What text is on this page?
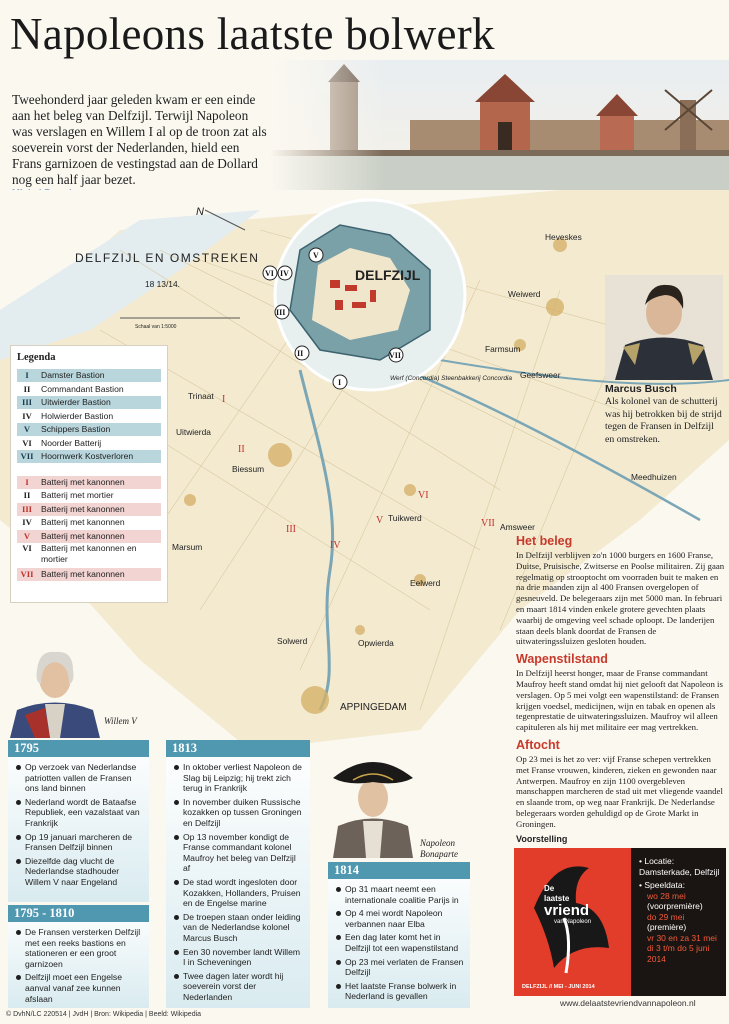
Napoleons laatste bolwerk

Tweehonderd jaar geleden kwam er een einde aan het beleg van Delfzijl. Terwijl Napoleon was verslagen en Willem I al op de troon zat als soeverein vorst der Nederlanden, hield een Frans garnizoen de vestingstad aan de Dollard nog een half jaar bezet.

DELFZIJL EN OMSTREKEN
18 13/14.
Schaal van 1:5000
N
Heveskes
Weiwerd
Farmsum
Geefsweer
Trinaat
Uitwierda
Biessum
Meedhuizen
Tuikwerd
Amsweer
Marsum
Eelwerd
Solwerd	Opwierda
APPINGEDAM
I
II
III
IV
V
VI
VII
DELFZIJL
Werf (Concordia) Steenbakkerij Concordia
VI IV
V
III
II
I
VII
Legenda
I	Damster Bastion
II	Commandant Bastion
III	Uitwierder Bastion
IV	Holwierder Bastion
V	Schippers Bastion
VI	Noorder Batterij
VII Hoornwerk Kostverloren
I	Batterij met kanonnen
II	Batterij met mortier
III	Batterij met kanonnen
IV	Batterij met kanonnen
V	Batterij met kanonnen
VI	Batterij met kanonnen en mortier
VII Batterij met kanonnen
Marcus Busch

Als kolonel van de schutterij was hij betrokken bij de strijd tegen de Fransen in Delfzijl en omstreken.

Het beleg

In Delfzijl verblijven zo'n 1000 burgers en 1600 Franse, Duitse, Pruisische, Zwitserse en Poolse militairen. Zij gaan regelmatig op strooptocht om voorraden buit te maken en na drie maanden zijn al 400 Fransen overgelopen of gesneuveld. De belegeraars zijn met 5000 man. In februari en maart 1814 vinden enkele grotere gevechten plaats waarbij de omgeving veel schade oploopt. De landerijen staan deels blank doordat de Fransen de uitwateringssluizen gesloten houden.

Wapenstilstand

In Delfzijl heerst honger, maar de Franse commandant Maufroy heeft stand omdat hij niet gelooft dat Napoleon is verslagen. Op 5 mei volgt een wapenstilstand: de Fransen krijgen voedsel, medicijnen, wijn en tabak en openen als tegenprestatie de uitwateringssluizen. Maufroy wil alleen capituleren als hij met militaire eer mag vertrekken.

Aftocht

Op 23 mei is het zo ver: vijf Franse schepen vertrekken met Franse vrouwen, kinderen, zieken en gewonden naar Antwerpen. Maufroy en zijn 1100 overgebleven manschappen marcheren de stad uit met vliegende vaandel en slaande trom, op weg naar Frankrijk. De Nederlandse belegeraars worden gehuldigd op de Grote Markt in Groningen.

Voorstelling
De
laatste
vriend
van Napoleon
DELFZIJL // MEI - JUNI 2014
• Locatie: Damsterkade, Delfzijl
• Speeldata:
wo 28 mei
(voorpremière)
do 29 mei
(première)
vr 30 en za 31 mei
di 3 t/m do 5 juni 2014
www.delaatstevriendvannapoleon.nl
Willem V
Napoleon
Bonaparte
1795
Op verzoek van Nederlandse patriotten vallen de Fransen ons land binnen
Nederland wordt de Bataafse Republiek, een vazalstaat van Frankrijk
Op 19 januari marcheren de Fransen Delfzijl binnen
Diezelfde dag vlucht de Nederlandse stadhouder Willem V naar Engeland
1795 - 1810
De Fransen versterken Delfzijl met een reeks bastions en stationeren er een groot garnizoen
Delfzijl moet een Engelse aanval vanaf zee kunnen afslaan
1813
In oktober verliest Napoleon de Slag bij Leipzig; hij trekt zich terug in Frankrijk
In november duiken Russische kozakken op tussen Groningen en Delfzijl
Op 13 november kondigt de Franse commandant kolonel Maufroy het beleg van Delfzijl af
De stad wordt ingesloten door Kozakken, Hollanders, Pruisen en de Engelse marine
De troepen staan onder leiding van de Nederlandse kolonel Marcus Busch
Een 30 november landt Willem I in Scheveningen
Twee dagen later wordt hij soeverein vorst der Nederlanden
1814
Op 31 maart neemt een internationale coalitie Parijs in
Op 4 mei wordt Napoleon verbannen naar Elba
Een dag later komt het in Delfzijl tot een wapenstilstand
Op 23 mei verlaten de Fransen Delfzijl
Het laatste Franse bolwerk in Nederland is gevallen
© DvhN/LC 220514 | JvdH | Bron: Wikipedia | Beeld: Wikipedia
